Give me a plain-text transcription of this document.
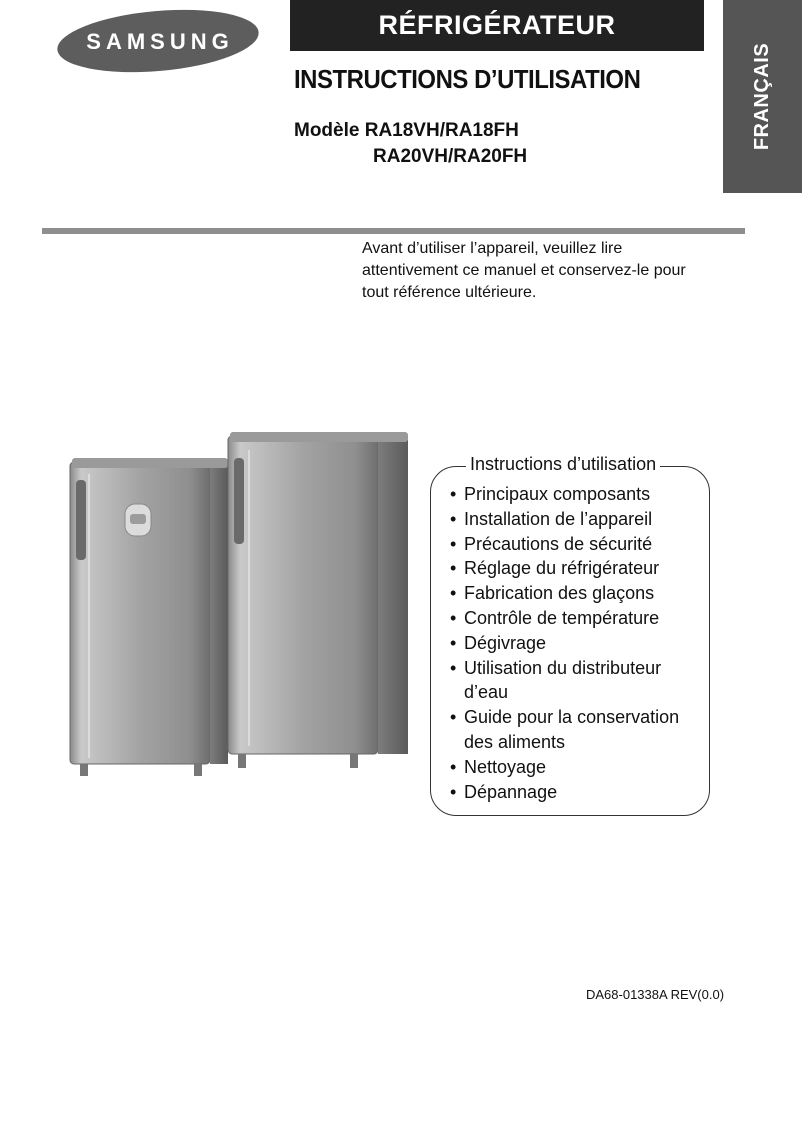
SAMSUNG
RÉFRIGÉRATEUR
INSTRUCTIONS D’UTILISATION
Modèle RA18VH/RA18FH
RA20VH/RA20FH
FRANÇAIS
Avant d’utiliser l’appareil, veuillez lire
attentivement ce manuel et conservez-le pour
tout référence ultérieure.
Instructions d’utilisation
• Principaux composants
• Installation de l’appareil
• Précautions de sécurité
• Réglage du réfrigérateur
• Fabrication des glaçons
• Contrôle de température
• Dégivrage
• Utilisation du distributeur d’eau
• Guide pour la conservation des aliments
• Nettoyage
• Dépannage
DA68-01338A REV(0.0)
